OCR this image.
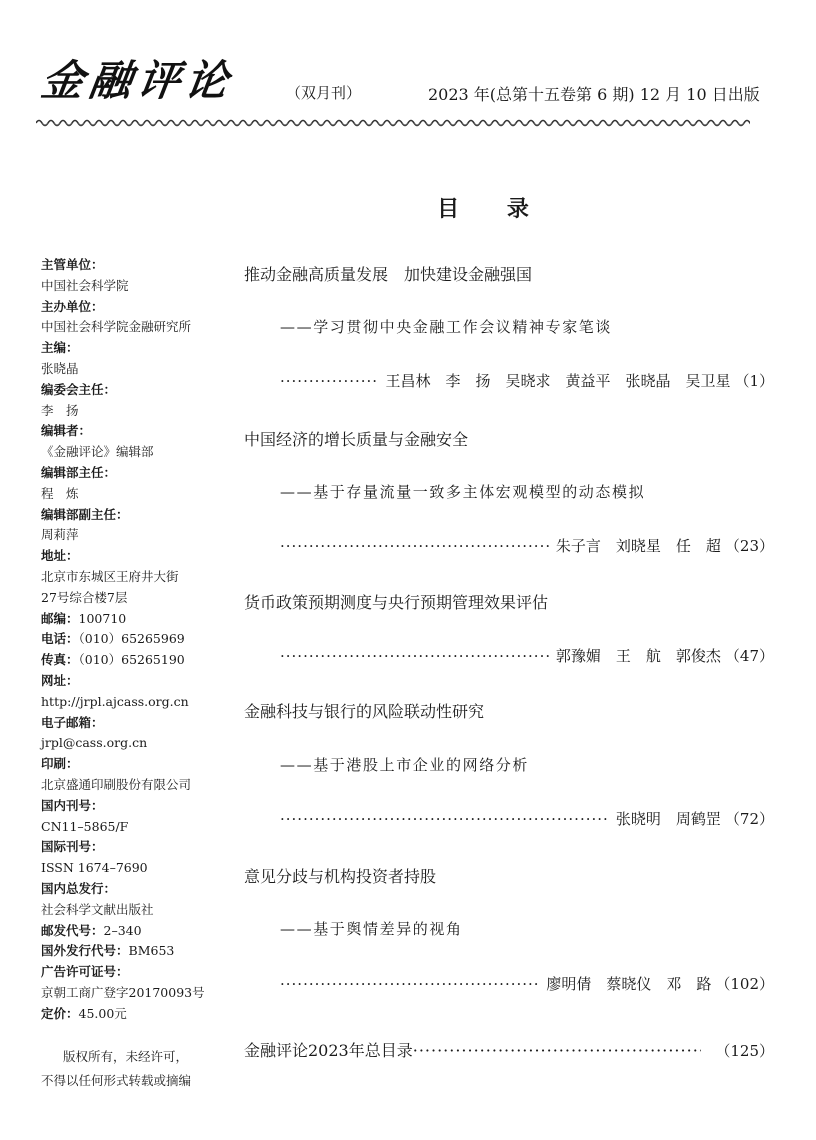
金融评论	（双月刊）	2023 年(总第十五卷第 6 期) 12 月 10 日出版
目 录
主管单位：
中国社会科学院
主办单位：
中国社会科学院金融研究所
主编：
张晓晶
编委会主任：
李　扬
编辑者：
《金融评论》编辑部
编辑部主任：
程　炼
编辑部副主任：
周莉萍
地址：
北京市东城区王府井大街
27号综合楼7层
邮编：100710
电话：（010）65265969
传真：（010）65265190
网址：
http://jrpl.ajcass.org.cn
电子邮箱：
jrpl@cass.org.cn
印刷：
北京盛通印刷股份有限公司
国内刊号：
CN11–5865/F
国际刊号：
ISSN 1674–7690
国内总发行：
社会科学文献出版社
邮发代号：2–340
国外发行代号：BM653
广告许可证号：
京朝工商广登字20170093号
定价：45.00元
版权所有，未经许可，
不得以任何形式转载或摘编
推动金融高质量发展　加快建设金融强国
——学习贯彻中央金融工作会议精神专家笔谈
·····
王昌林　李　扬　吴晓求　黄益平　张晓晶　吴卫星 （1）
中国经济的增长质量与金融安全
——基于存量流量一致多主体宏观模型的动态模拟
·····
朱子言　刘晓星　任　超 （23）
货币政策预期测度与央行预期管理效果评估
·····
郭豫媚　王　航　郭俊杰 （47）
金融科技与银行的风险联动性研究
——基于港股上市企业的网络分析
·····
张晓明　周鹤罡 （72）
意见分歧与机构投资者持股
——基于舆情差异的视角
·····
廖明倩　蔡晓仪　邓　路 （102）
金融评论2023年总目录
·····	（125）
